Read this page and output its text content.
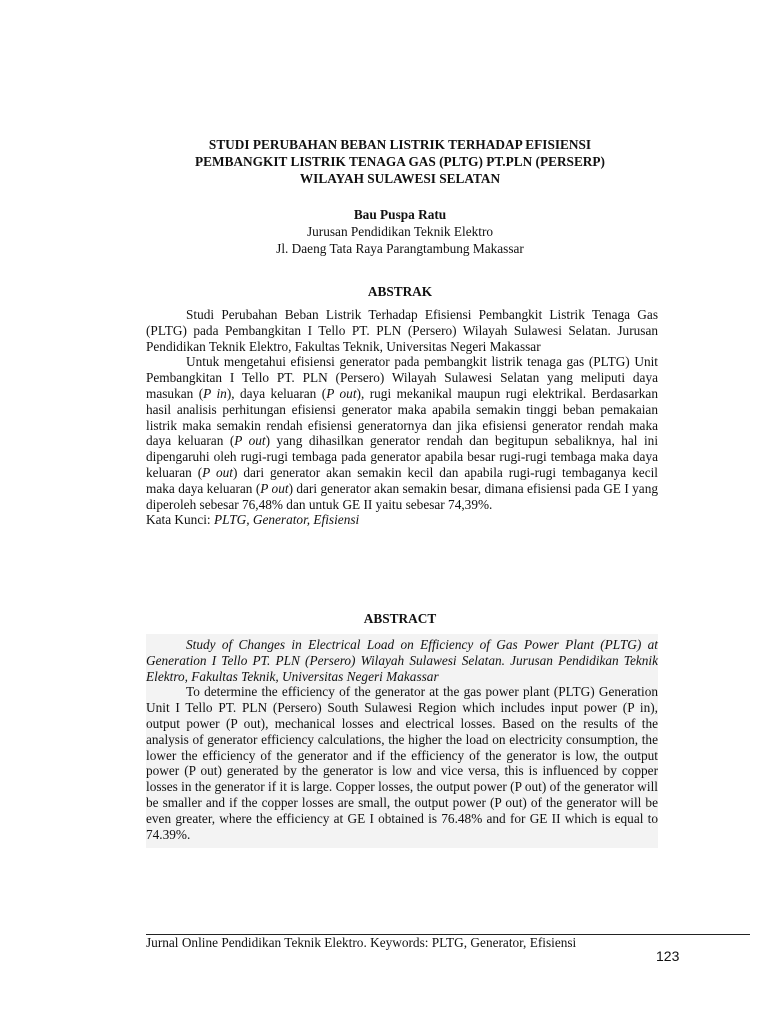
STUDI PERUBAHAN BEBAN LISTRIK TERHADAP EFISIENSI
PEMBANGKIT LISTRIK TENAGA GAS (PLTG) PT.PLN (PERSERP)
WILAYAH SULAWESI SELATAN
Bau Puspa Ratu
Jurusan Pendidikan Teknik Elektro
Jl. Daeng Tata Raya Parangtambung Makassar
ABSTRAK

Studi Perubahan Beban Listrik Terhadap Efisiensi Pembangkit Listrik Tenaga Gas (PLTG) pada Pembangkitan I Tello PT. PLN (Persero) Wilayah Sulawesi Selatan. Jurusan Pendidikan Teknik Elektro, Fakultas Teknik, Universitas Negeri Makassar

Untuk mengetahui efisiensi generator pada pembangkit listrik tenaga gas (PLTG) Unit Pembangkitan I Tello PT. PLN (Persero) Wilayah Sulawesi Selatan yang meliputi daya masukan (P in), daya keluaran (P out), rugi mekanikal maupun rugi elektrikal. Berdasarkan hasil analisis perhitungan efisiensi generator maka apabila semakin tinggi beban pemakaian listrik maka semakin rendah efisiensi generatornya dan jika efisiensi generator rendah maka daya keluaran (P out) yang dihasilkan generator rendah dan begitupun sebaliknya, hal ini dipengaruhi oleh rugi-rugi tembaga pada generator apabila besar rugi-rugi tembaga maka daya keluaran (P out) dari generator akan semakin kecil dan apabila rugi-rugi tembaganya kecil maka daya keluaran (P out) dari generator akan semakin besar, dimana efisiensi pada GE I yang diperoleh sebesar 76,48% dan untuk GE II yaitu sebesar 74,39%.

Kata Kunci: PLTG, Generator, Efisiensi

ABSTRACT

Study of Changes in Electrical Load on Efficiency of Gas Power Plant (PLTG) at Generation I Tello PT. PLN (Persero) Wilayah Sulawesi Selatan. Jurusan Pendidikan Teknik Elektro, Fakultas Teknik, Universitas Negeri Makassar

To determine the efficiency of the generator at the gas power plant (PLTG) Generation Unit I Tello PT. PLN (Persero) South Sulawesi Region which includes input power (P in), output power (P out), mechanical losses and electrical losses. Based on the results of the analysis of generator efficiency calculations, the higher the load on electricity consumption, the lower the efficiency of the generator and if the efficiency of the generator is low, the output power (P out) generated by the generator is low and vice versa, this is influenced by copper losses in the generator if it is large. Copper losses, the output power (P out) of the generator will be smaller and if the copper losses are small, the output power (P out) of the generator will be even greater, where the efficiency at GE I obtained is 76.48% and for GE II which is equal to 74.39%.

Jurnal Online Pendidikan Teknik Elektro. Keywords: PLTG, Generator, Efisiensi
123
